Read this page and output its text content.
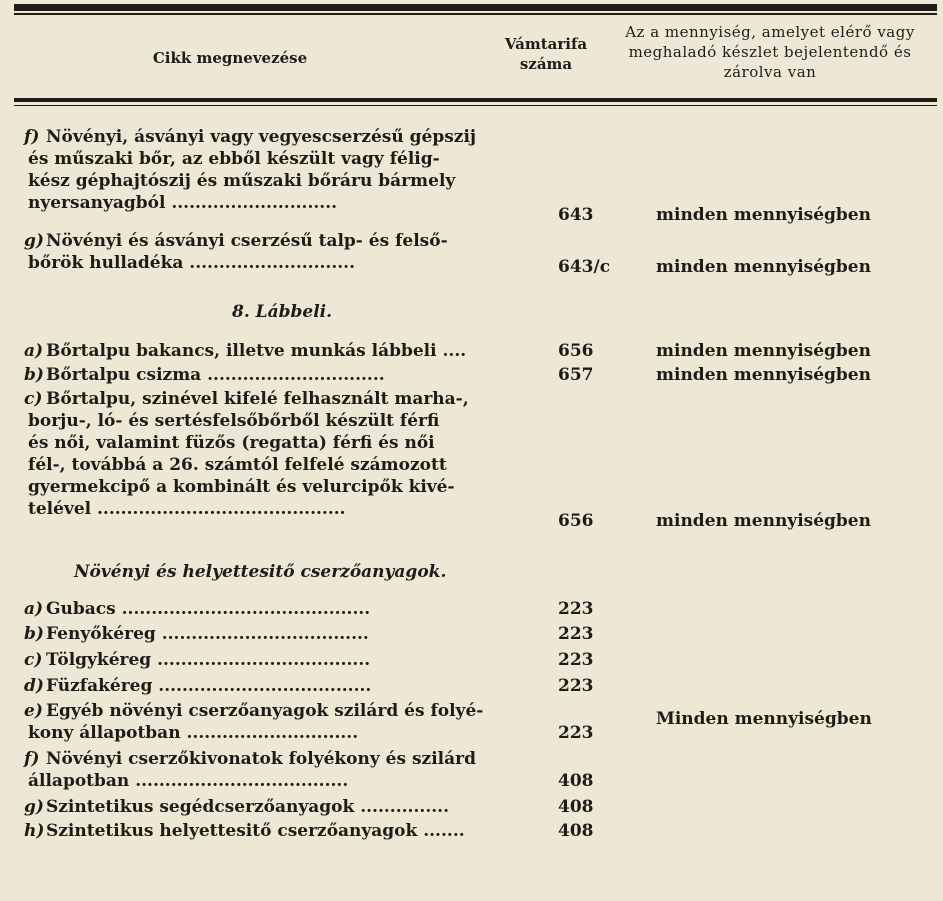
Cikk megnevezése
Vámtarifa száma
Az a mennyiség, amelyet elérő vagy meghaladó készlet bejelentendő és zárolva van
f) Növényi, ásványi vagy vegyescserzésű gépszij
és műszaki bőr, az ebből készült vagy félig-
kész géphajtószij és műszaki bőráru bármely
nyersanyagból ............................
643	minden mennyiségben
g) Növényi és ásványi cserzésű talp- és felső-
bőrök hulladéka ............................	643/c	minden mennyiségben
8. Lábbeli.
a) Bőrtalpu bakancs, illetve munkás lábbeli ....	656	minden mennyiségben
b) Bőrtalpu csizma ..............................	657	minden mennyiségben
c) Bőrtalpu, szinével kifelé felhasznált marha-,
borju-, ló- és sertésfelsőbőrből készült férfi
és női, valamint füzős (regatta) férfi és női
fél-, továbbá a 26. számtól felfelé számozott
gyermekcipő a kombinált és velurcipők kivé-
telével ..........................................
656	minden mennyiségben
Növényi és helyettesitő cserzőanyagok.
a) Gubacs ..........................................	223
b) Fenyőkéreg ...................................	223
c) Tölgykéreg ....................................	223
d) Füzfakéreg ....................................	223
e) Egyéb növényi cserzőanyagok szilárd és folyé-
kony állapotban .............................	223
Minden mennyiségben
f) Növényi cserzőkivonatok folyékony és szilárd
állapotban ....................................	408
g) Szintetikus segédcserzőanyagok ...............	408
h)Szintetikus helyettesitő cserzőanyagok .......	408
